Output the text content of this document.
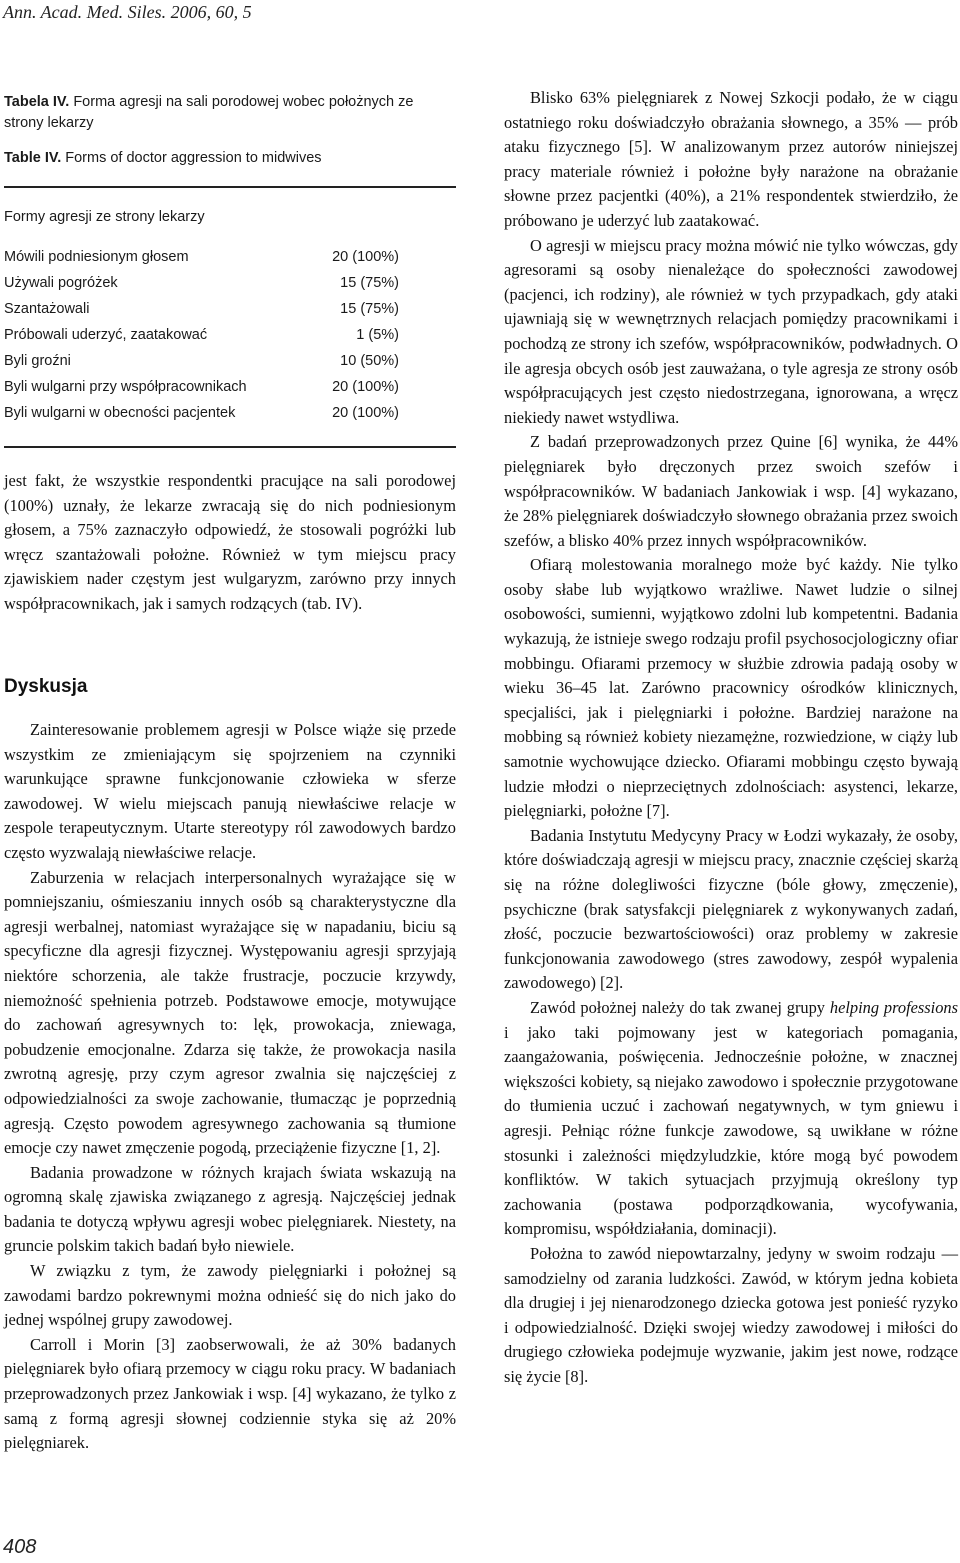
Ann. Acad. Med. Siles. 2006, 60, 5
Tabela IV. Forma agresji na sali porodowej wobec położnych ze strony lekarzy
Table IV. Forms of doctor aggression to midwives
Formy agresji ze strony lekarzy
Mówili podniesionym głosem	20 (100%)
Używali pogróżek	15 (75%)
Szantażowali	15 (75%)
Próbowali uderzyć, zaatakować	1 (5%)
Byli groźni	10 (50%)
Byli wulgarni przy współpracownikach	20 (100%)
Byli wulgarni w obecności pacjentek	20 (100%)

jest fakt, że wszystkie respondentki pracujące na sali porodowej (100%) uznały, że lekarze zwracają się do nich podniesionym głosem, a 75% zaznaczyło odpowiedź, że stosowali pogróżki lub wręcz szantażowali położne. Również w tym miejscu pracy zjawiskiem nader częstym jest wulgaryzm, zarówno przy innych współpracownikach, jak i samych rodzących (tab. IV).

Dyskusja

Zainteresowanie problemem agresji w Polsce wiąże się przede wszystkim ze zmieniającym się spojrzeniem na czynniki warunkujące sprawne funkcjonowanie człowieka w sferze zawodowej. W wielu miejscach panują niewłaściwe relacje w zespole terapeutycznym. Utarte stereotypy ról zawodowych bardzo często wyzwalają niewłaściwe relacje.

Zaburzenia w relacjach interpersonalnych wyrażające się w pomniejszaniu, ośmieszaniu innych osób są charakterystyczne dla agresji werbalnej, natomiast wyrażające się w napadaniu, biciu są specyficzne dla agresji fizycznej. Występowaniu agresji sprzyjają niektóre schorzenia, ale także frustracje, poczucie krzywdy, niemożność spełnienia potrzeb. Podstawowe emocje, motywujące do zachowań agresywnych to: lęk, prowokacja, zniewaga, pobudzenie emocjonalne. Zdarza się także, że prowokacja nasila zwrotną agresję, przy czym agresor zwalnia się najczęściej z odpowiedzialności za swoje zachowanie, tłumacząc je poprzednią agresją. Często powodem agresywnego zachowania są tłumione emocje czy nawet zmęczenie pogodą, przeciążenie fizyczne [1, 2].

Badania prowadzone w różnych krajach świata wskazują na ogromną skalę zjawiska związanego z agresją. Najczęściej jednak badania te dotyczą wpływu agresji wobec pielęgniarek. Niestety, na gruncie polskim takich badań było niewiele.

W związku z tym, że zawody pielęgniarki i położnej są zawodami bardzo pokrewnymi można odnieść się do nich jako do jednej wspólnej grupy zawodowej.

Carroll i Morin [3] zaobserwowali, że aż 30% badanych pielęgniarek było ofiarą przemocy w ciągu roku pracy. W badaniach przeprowadzonych przez Jankowiak i wsp. [4] wykazano, że tylko z samą z formą agresji słownej codziennie styka się aż 20% pielęgniarek.

Blisko 63% pielęgniarek z Nowej Szkocji podało, że w ciągu ostatniego roku doświadczyło obrażania słownego, a 35% — prób ataku fizycznego [5]. W analizowanym przez autorów niniejszej pracy materiale również i położne były narażone na obrażanie słowne przez pacjentki (40%), a 21% respondentek stwierdziło, że próbowano je uderzyć lub zaatakować.

O agresji w miejscu pracy można mówić nie tylko wówczas, gdy agresorami są osoby nienależące do społeczności zawodowej (pacjenci, ich rodziny), ale również w tych przypadkach, gdy ataki ujawniają się w wewnętrznych relacjach pomiędzy pracownikami i pochodzą ze strony ich szefów, współpracowników, podwładnych. O ile agresja obcych osób jest zauważana, o tyle agresja ze strony osób współpracujących jest często niedostrzegana, ignorowana, a wręcz niekiedy nawet wstydliwa.

Z badań przeprowadzonych przez Quine [6] wynika, że 44% pielęgniarek było dręczonych przez swoich szefów i współpracowników. W badaniach Jankowiak i wsp. [4] wykazano, że 28% pielęgniarek doświadczyło słownego obrażania przez swoich szefów, a blisko 40% przez innych współpracowników.

Ofiarą molestowania moralnego może być każdy. Nie tylko osoby słabe lub wyjątkowo wrażliwe. Nawet ludzie o silnej osobowości, sumienni, wyjątkowo zdolni lub kompetentni. Badania wykazują, że istnieje swego rodzaju profil psychosocjologiczny ofiar mobbingu. Ofiarami przemocy w służbie zdrowia padają osoby w wieku 36–45 lat. Zarówno pracownicy ośrodków klinicznych, specjaliści, jak i pielęgniarki i położne. Bardziej narażone na mobbing są również kobiety niezamężne, rozwiedzione, w ciąży lub samotnie wychowujące dziecko. Ofiarami mobbingu często bywają ludzie młodzi o nieprzeciętnych zdolnościach: asystenci, lekarze, pielęgniarki, położne [7].

Badania Instytutu Medycyny Pracy w Łodzi wykazały, że osoby, które doświadczają agresji w miejscu pracy, znacznie częściej skarżą się na różne dolegliwości fizyczne (bóle głowy, zmęczenie), psychiczne (brak satysfakcji pielęgniarek z wykonywanych zadań, złość, poczucie bezwartościowości) oraz problemy w zakresie funkcjonowania zawodowego (stres zawodowy, zespół wypalenia zawodowego) [2].

Zawód położnej należy do tak zwanej grupy helping professions i jako taki pojmowany jest w kategoriach pomagania, zaangażowania, poświęcenia. Jednocześnie położne, w znacznej większości kobiety, są niejako zawodowo i społecznie przygotowane do tłumienia uczuć i zachowań negatywnych, w tym gniewu i agresji. Pełniąc różne funkcje zawodowe, są uwikłane w różne stosunki i zależności międzyludzkie, które mogą być powodem konfliktów. W takich sytuacjach przyjmują określony typ zachowania (postawa podporządkowania, wycofywania, kompromisu, współdziałania, dominacji).

Położna to zawód niepowtarzalny, jedyny w swoim rodzaju — samodzielny od zarania ludzkości. Zawód, w którym jedna kobieta dla drugiej i jej nienarodzonego dziecka gotowa jest ponieść ryzyko i odpowiedzialność. Dzięki swojej wiedzy zawodowej i miłości do drugiego człowieka podejmuje wyzwanie, jakim jest nowe, rodzące się życie [8].

408
